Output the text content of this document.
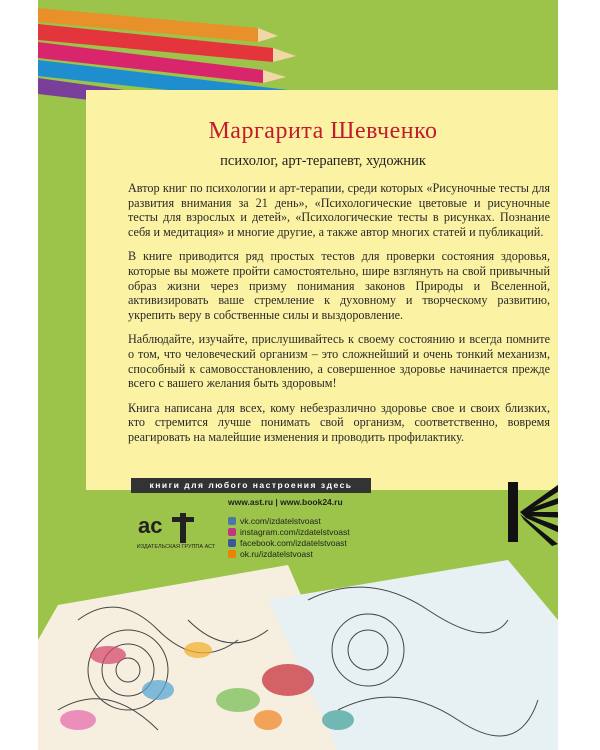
Маргарита Шевченко
психолог, арт-терапевт, художник

Автор книг по психологии и арт-терапии, среди которых «Рисуночные тесты для развития внимания за 21 день», «Психологические цветовые и рисуночные тесты для взрослых и детей», «Психологические тесты в рисунках. Познание себя и медитация» и многие другие, а также автор многих статей и публикаций.

В книге приводится ряд простых тестов для проверки состояния здоровья, которые вы можете пройти самостоятельно, шире взглянуть на свой привычный образ жизни через призму понимания законов Природы и Вселенной, активизировать ваше стремление к духовному и творческому развитию, укрепить веру в собственные силы и выздоровление.

Наблюдайте, изучайте, прислушивайтесь к своему состоянию и всегда помните о том, что человеческий организм – это сложнейший и очень тонкий механизм, способный к самовосстановлению, а совершенное здоровье начинается прежде всего с вашего желания быть здоровым!

Книга написана для всех, кому небезразлично здоровье свое и своих близких, кто стремится лучше понимать свой организм, соответственно, вовремя реагировать на малейшие изменения и проводить профилактику.

книги для любого настроения здесь
ac
ИЗДАТЕЛЬСКАЯ ГРУППА АСТ
www.ast.ru | www.book24.ru
vk.com/izdatelstvoast
instagram.com/izdatelstvoast
facebook.com/izdatelstvoast
ok.ru/izdatelstvoast
